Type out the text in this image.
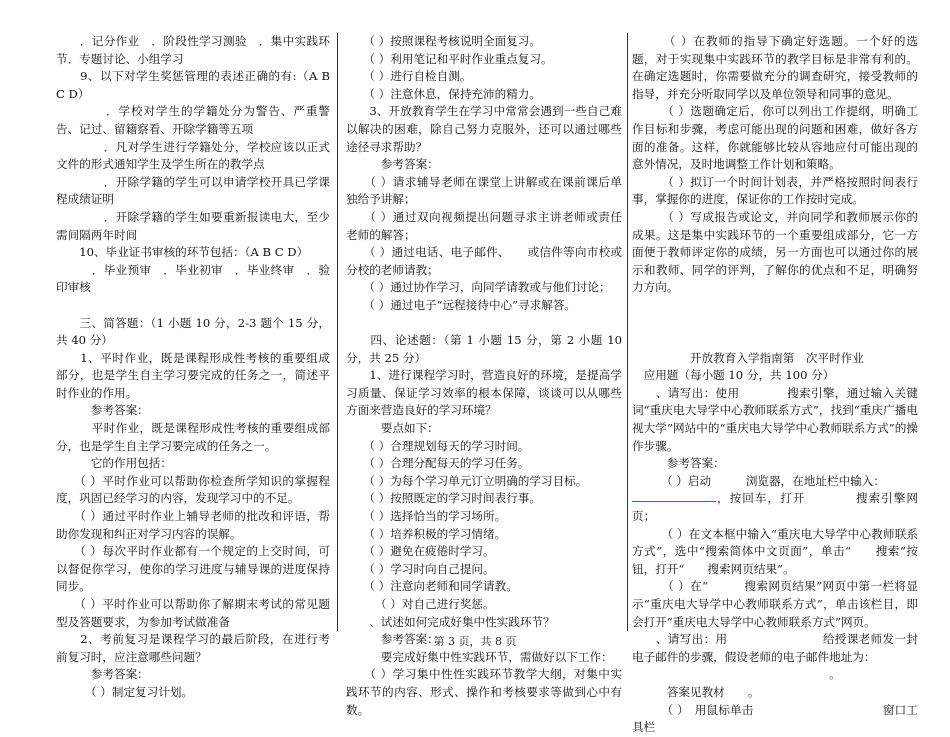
　　．记分作业　．阶段性学习测验　．集中实践环节．专题讨论、小组学习
　　9、以下对学生奖惩管理的表述正确的有:（A B C D）
　　　　．学校对学生的学籍处分为警告、严重警告、记过、留籍察看、开除学籍等五项
　　　　．凡对学生进行学籍处分，学校应该以正式文件的形式通知学生及学生所在的教学点
　　　　．开除学籍的学生可以申请学校开具已学课程成绩证明
　　　　．开除学籍的学生如要重新报读电大，至少需间隔两年时间
　　10、毕业证书审核的环节包括：（A B C D）
　　　．毕业预审　．毕业初审　．毕业终审　．验印审核
　　三、简答题：（1 小题 10 分，2-3 题个 15 分，共 40 分）
　　1、平时作业，既是课程形成性考核的重要组成部分，也是学生自主学习要完成的任务之一，简述平时作业的作用。
　　　参考答案：
　　　平时作业，既是课程形成性考核的重要组成部分，也是学生自主学习要完成的任务之一。
　　　它的作用包括：
　　（ ）平时作业可以帮助你检查所学知识的掌握程度，巩固已经学习的内容，发现学习中的不足。
　　（ ）通过平时作业上辅导老师的批改和评语，帮助你发现和纠正对学习内容的误解。
　　（ ）每次平时作业都有一个规定的上交时间，可以督促你学习，使你的学习进度与辅导课的进度保持同步。
　　（ ）平时作业可以帮助你了解期末考试的常见题型及答题要求，为参加考试做准备
　　2、考前复习是课程学习的最后阶段，在进行考前复习时，应注意哪些问题？
　　　参考答案：
　　　（ ）制定复习计划。
　　（ ）按照课程考核说明全面复习。
　　（ ）利用笔记和平时作业重点复习。
　　（ ）进行自检自测。
　　（ ）注意休息，保持充沛的精力。
　　3、开放教育学生在学习中常常会遇到一些自己难以解决的困难，除自己努力克服外，还可以通过哪些途径寻求帮助？
　　　参考答案：
　　（ ）请求辅导老师在课堂上讲解或在课前课后单独给予讲解；
　　（ ）通过双向视频提出问题寻求主讲老师或责任老师的解答；
　　（ ）通过电话、电子邮件、　　或信件等向市校或分校的老师请教；
　　（ ）通过协作学习，向同学请教或与他们讨论；
　　（ ）通过电子“远程接待中心”寻求解答。
　　四、论述题：（第 1 小题 15 分，第 2 小题 10 分，共 25 分）
　　1、进行课程学习时，营造良好的环境，是提高学习质量、保证学习效率的根本保障，谈谈可以从哪些方面来营造良好的学习环境？
　　　要点如下：
　　（ ）合理规划每天的学习时间。
　　（ ）合理分配每天的学习任务。
　　（ ）为每个学习单元订立明确的学习目标。
　　（ ）按照既定的学习时间表行事。
　　（ ）选择恰当的学习场所。
　　（ ）培养积极的学习情绪。
　　（ ）避免在疲倦时学习。
　　（ ）学习时向自己提问。
　　（ ）注意向老师和同学请教。
　　　（ ）对自己进行奖惩。
　　、试述如何完成好集中性实践环节？
　　　参考答案：
　　　要完成好集中性实践环节，需做好以下工作：
　　（ ）学习集中性性实践环节教学大纲，对集中实践环节的内容、形式、操作和考核要求等做到心中有数。
　　　（ ）在教师的指导下确定好选题。一个好的选题，对于实现集中实践环节的教学目标是非常有利的。在确定选题时，你需要做充分的调查研究，接受教师的指导，并充分听取同学以及单位领导和同事的意见。
　　　（ ）选题确定后，你可以列出工作提纲，明确工作目标和步骤，考虑可能出现的问题和困难，做好各方面的准备。这样，你就能够比较从容地应付可能出现的意外情况，及时地调整工作计划和策略。
　　　（ ）拟订一个时间计划表，并严格按照时间表行事，掌握你的进度，保证你的工作按时完成。
　　　（ ）写成报告或论文，并向同学和教师展示你的成果。这是集中实践环节的一个重要组成部分，它一方面便于教师评定你的成绩，另一方面也可以通过你的展示和教师、同学的评判，了解你的优点和不足，明确努力方向。
　　　　　开放教育入学指南第　次平时作业
　应用题（每小题 10 分，共 100 分）
　　、请写出：使用　　　　搜索引擎，通过输入关键词“重庆电大导学中心教师联系方式”，找到“重庆广播电视大学”网站中的“重庆电大导学中心教师联系方式”的操作步骤。
　　　参考答案：
　　　（ ）启动　　　浏览器，在地址栏中输入：
，按回车，打开　　　　搜索引擎网页；
　　　（ ）在文本框中输入“重庆电大导学中心教师联系方式”，选中“搜索简体中文页面”，单击“　　搜索”按钮，打开“　　搜索网页结果”。
　　　（ ）在“　　　搜索网页结果”网页中第一栏将显示“重庆电大导学中心教师联系方式”，单击该栏目，即会打开“重庆电大导学中心教师联系方式”网页。
　　、请写出：用　　　　　　　　给授课老师发一封电子邮件的步骤，假设老师的电子邮件地址为：
　　　　　　　　　　　　　　　　　。
　　　答案见教材　　。
　　　（ ）　用鼠标单击　　　　　　　　　　　窗口工具栏
第 3 页，共 8 页
